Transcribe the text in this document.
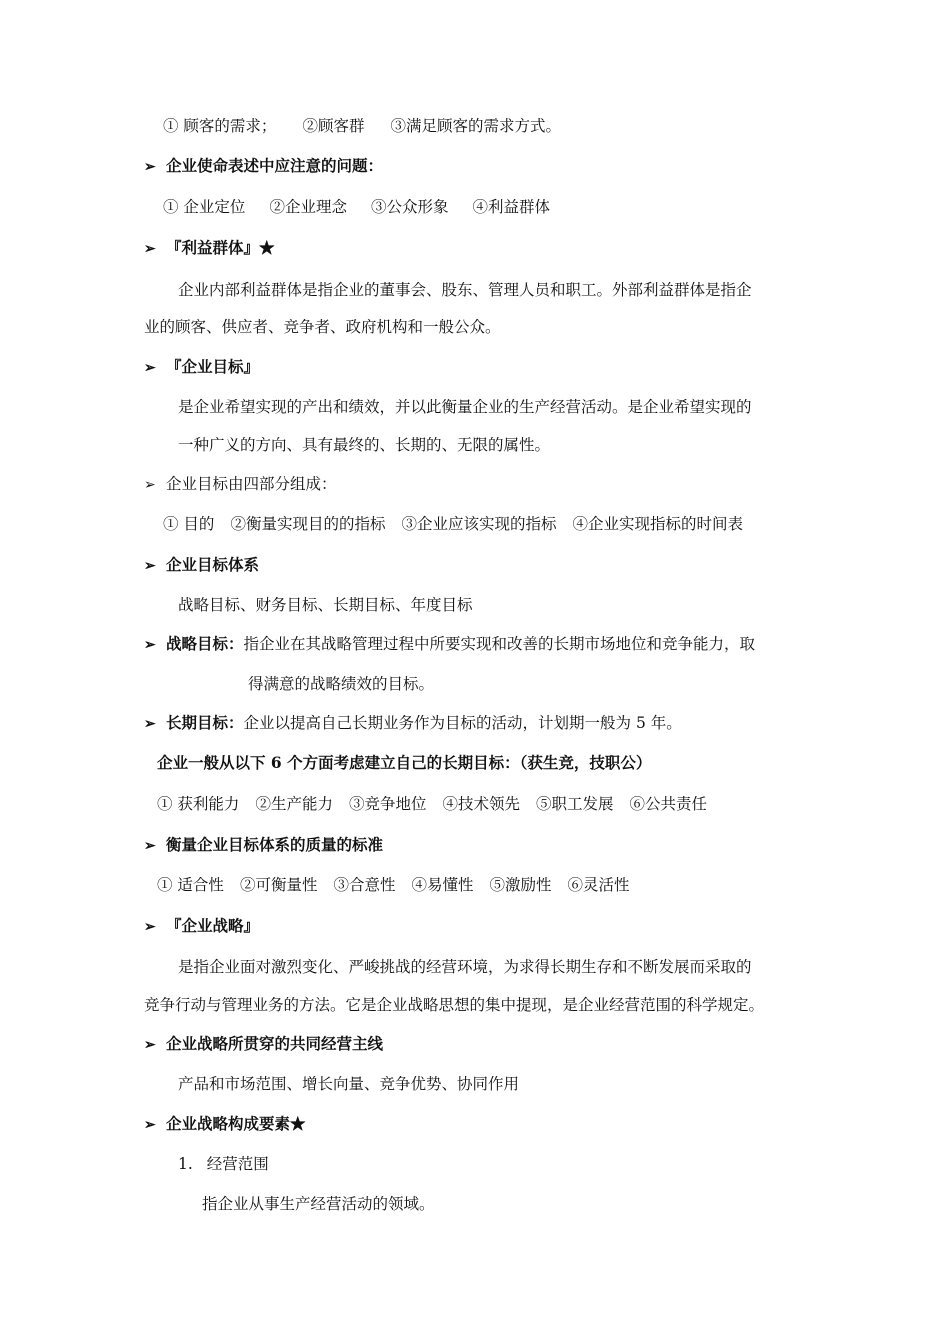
① 顾客的需求； ②顾客群 ③满足顾客的需求方式。
➢ 企业使命表述中应注意的问题：
① 企业定位 ②企业理念 ③公众形象 ④利益群体
➢ 『利益群体』★
企业内部利益群体是指企业的董事会、股东、管理人员和职工。外部利益群体是指企
业的顾客、供应者、竞争者、政府机构和一般公众。
➢ 『企业目标』
是企业希望实现的产出和绩效，并以此衡量企业的生产经营活动。是企业希望实现的
一种广义的方向、具有最终的、长期的、无限的属性。
➢ 企业目标由四部分组成：
① 目的 ②衡量实现目的的指标 ③企业应该实现的指标 ④企业实现指标的时间表
➢ 企业目标体系
战略目标、财务目标、长期目标、年度目标
➢ 战略目标：指企业在其战略管理过程中所要实现和改善的长期市场地位和竞争能力，取
得满意的战略绩效的目标。
➢ 长期目标：企业以提高自己长期业务作为目标的活动，计划期一般为 5 年。
企业一般从以下 6 个方面考虑建立自己的长期目标：（获生竞，技职公）
① 获利能力 ②生产能力 ③竞争地位 ④技术领先 ⑤职工发展 ⑥公共责任
➢ 衡量企业目标体系的质量的标准
① 适合性 ②可衡量性 ③合意性 ④易懂性 ⑤激励性 ⑥灵活性
➢ 『企业战略』
是指企业面对激烈变化、严峻挑战的经营环境，为求得长期生存和不断发展而采取的
竞争行动与管理业务的方法。它是企业战略思想的集中提现，是企业经营范围的科学规定。
➢ 企业战略所贯穿的共同经营主线
产品和市场范围、增长向量、竞争优势、协同作用
➢ 企业战略构成要素★
1. 经营范围
指企业从事生产经营活动的领域。
